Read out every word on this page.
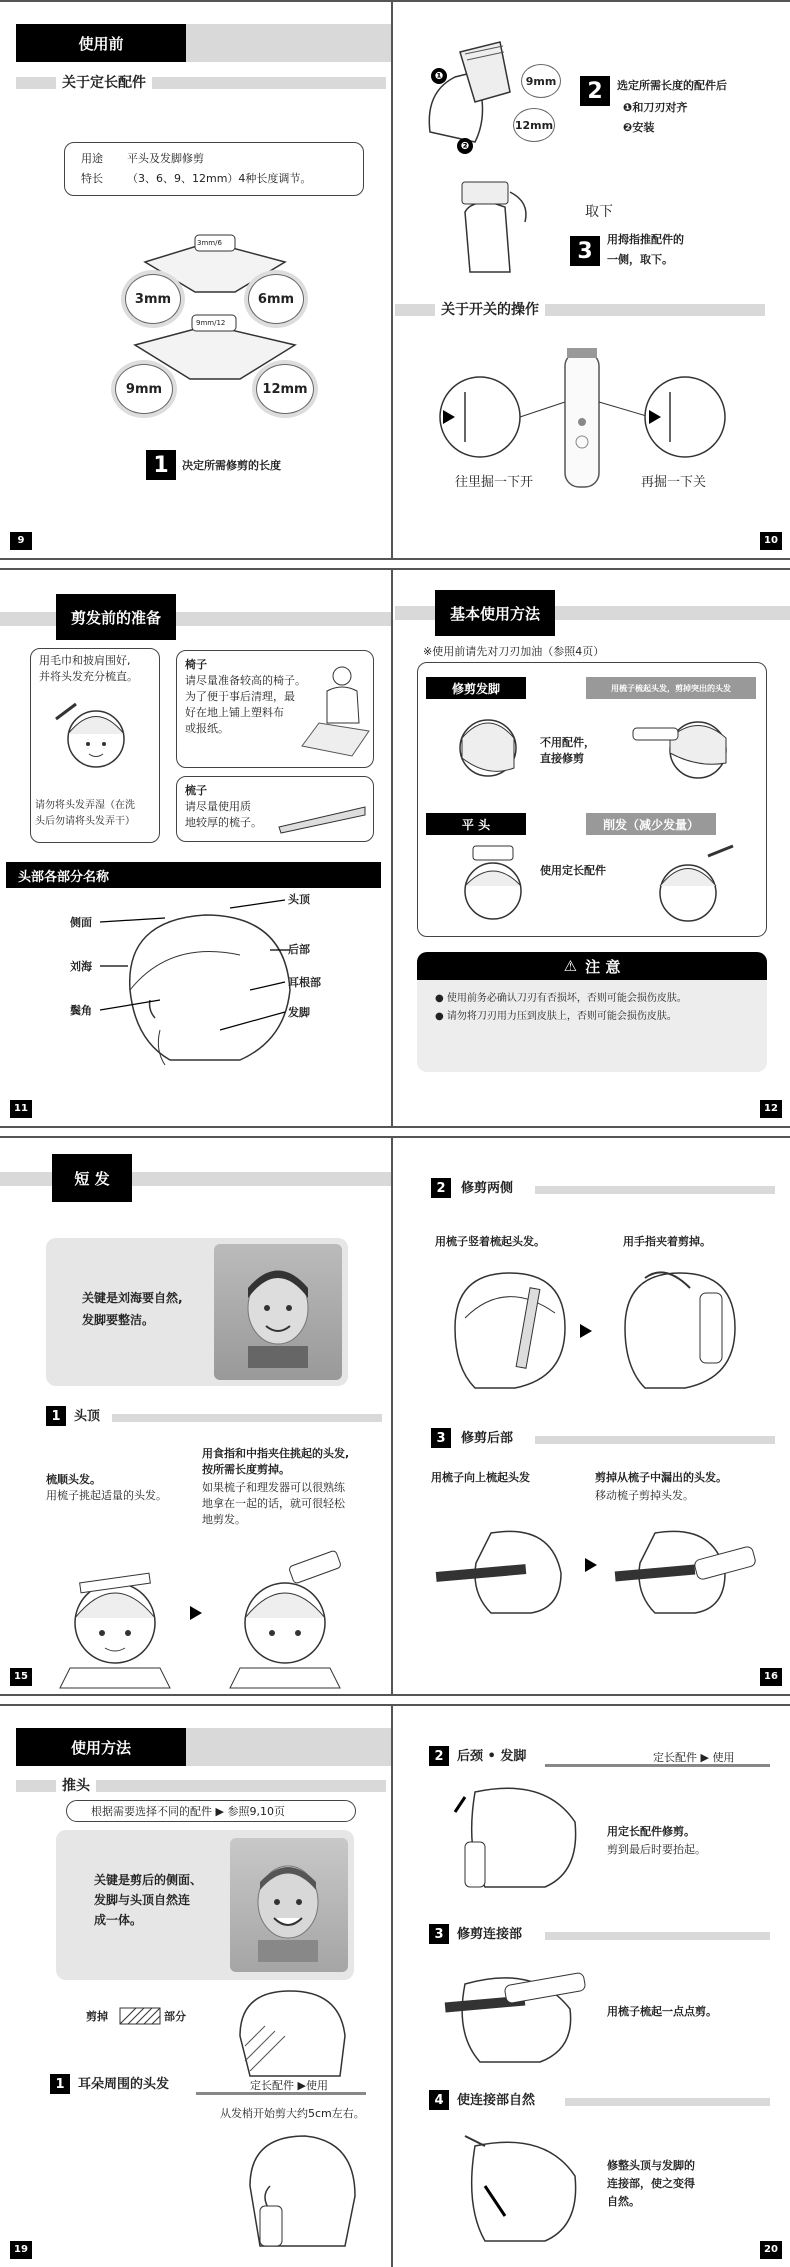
使用前
关于定长配件
用途 平头及发脚修剪
特长 （3、6、9、12mm）4种长度调节。
3mm/6
3mm	6mm
9mm/12
9mm	12mm
1	决定所需修剪的长度
9
❶
❷
9mm
12mm
2	选定所需长度的配件后
❶和刀刃对齐
❷安装
取下
3	用拇指推配件的
一侧，取下。
关于开关的操作
往里掘一下开	再掘一下关
10
剪发前的准备
用毛巾和披肩围好,
并将头发充分梳直。
请勿将头发弄湿（在洗
头后勿请将头发弄干）
椅子
请尽量准备较高的椅子。
为了便于事后清理，最
好在地上铺上塑料布
或报纸。
梳子
请尽量使用质
地较厚的梳子。
头部各部分名称
侧面
刘海
鬓角
头顶
后部
耳根部
发脚
11
基本使用方法
※使用前请先对刀刃加油（参照4页）
修剪发脚	用梳子梳起头发，剪掉突出的头发
不用配件，
直接修剪
平 头	削发（减少发量）
使用定长配件
⚠ 注 意
● 使用前务必确认刀刃有否损坏，否则可能会损伤皮肤。
● 请勿将刀刃用力压到皮肤上，否则可能会损伤皮肤。
12
短 发
关键是刘海要自然,
发脚要整洁。
1	头顶
梳顺头发。
用梳子挑起适量的头发。
用食指和中指夹住挑起的头发,
按所需长度剪掉。
如果梳子和理发器可以很熟练
地拿在一起的话，就可很轻松
地剪发。
15
2	修剪两侧
用梳子竖着梳起头发。	用手指夹着剪掉。
3	修剪后部
用梳子向上梳起头发	剪掉从梳子中漏出的头发。
移动梳子剪掉头发。
16
使用方法
推头
根据需要选择不同的配件 ▶ 参照9,10页
关键是剪后的侧面、
发脚与头顶自然连
成一体。
剪掉	部分
1	耳朵周围的头发	定长配件 ▶使用
从发梢开始剪大约5cm左右。
19
2	后颈 • 发脚	定长配件 ▶ 使用
用定长配件修剪。
剪到最后时要抬起。
3	修剪连接部
用梳子梳起一点点剪。
4	使连接部自然
修整头顶与发脚的
连接部，使之变得
自然。
20
